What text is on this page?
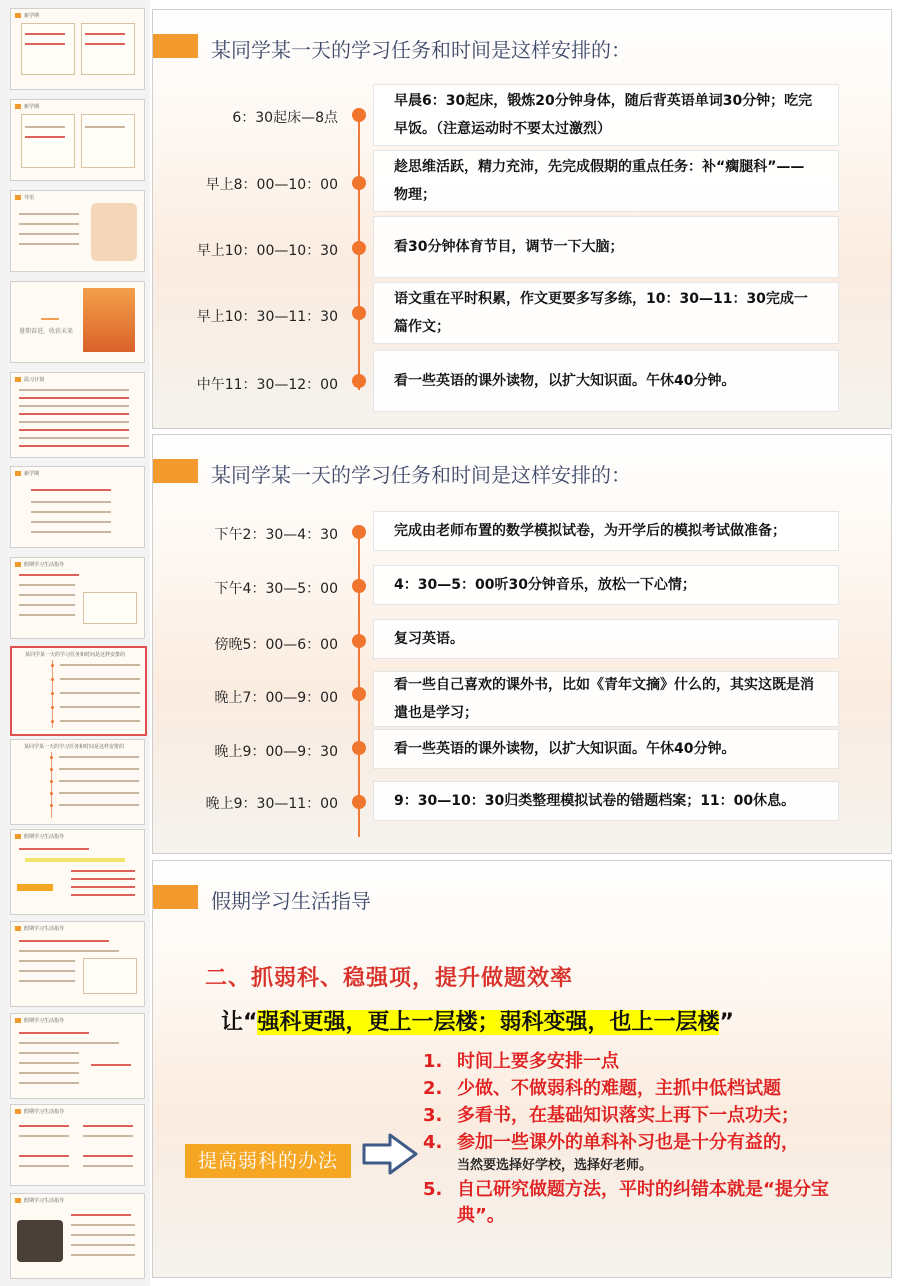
新学期
新学期
导语
暑期奋进，收获未来
温习计划
新学期
假期学习生活指导
某同学某一天的学习任务和时间是这样安排的
某同学某一天的学习任务和时间是这样安排的
假期学习生活指导
假期学习生活指导
假期学习生活指导
假期学习生活指导
假期学习生活指导
某同学某一天的学习任务和时间是这样安排的：
6：30起床—8点
早晨6：30起床，锻炼20分钟身体，随后背英语单词30分钟；吃完早饭。（注意运动时不要太过激烈）
早上8：00—10：00
趁思维活跃，精力充沛，先完成假期的重点任务：补“瘸腿科”——物理；
早上10：00—10：30	看30分钟体育节目，调节一下大脑；
早上10：30—11：30
语文重在平时积累，作文更要多写多练，10：30—11：30完成一篇作文；
中午11：30—12：00	看一些英语的课外读物，以扩大知识面。午休40分钟。
某同学某一天的学习任务和时间是这样安排的：
下午2：30—4：30	完成由老师布置的数学模拟试卷，为开学后的模拟考试做准备；
下午4：30—5：00	4：30—5：00听30分钟音乐，放松一下心情；
傍晚5：00—6：00	复习英语。
晚上7：00—9：00
看一些自己喜欢的课外书，比如《青年文摘》什么的，其实这既是消遣也是学习；
晚上9：00—9：30	看一些英语的课外读物，以扩大知识面。午休40分钟。
晚上9：30—11：00	9：30—10：30归类整理模拟试卷的错题档案；11：00休息。
假期学习生活指导
二、抓弱科、稳强项，提升做题效率
让“强科更强，更上一层楼；弱科变强，也上一层楼”
提高弱科的办法
1. 时间上要多安排一点
2. 少做、不做弱科的难题，主抓中低档试题
3. 多看书，在基础知识落实上再下一点功夫；
4. 参加一些课外的单科补习也是十分有益的，
当然要选择好学校，选择好老师。
5. 自己研究做题方法，平时的纠错本就是“提分宝典”。
